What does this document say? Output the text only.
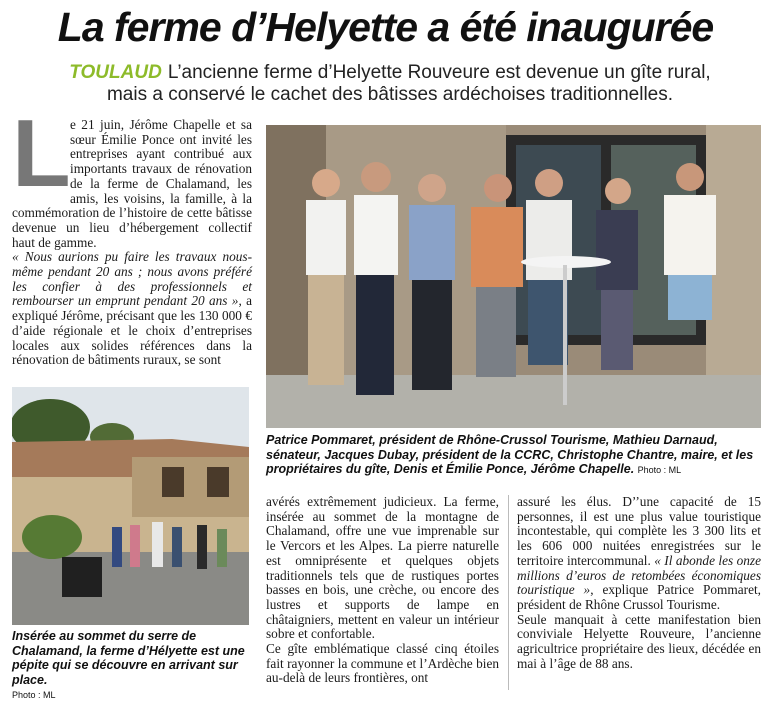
La ferme d’Helyette a été inaugurée
TOULAUD L’ancienne ferme d’Helyette Rouveure est devenue un gîte rural,
mais a conservé le cachet des bâtisses ardéchoises traditionnelles.
L e 21 juin, Jérôme Chapelle et sa sœur Émilie Ponce ont invité les entreprises ayant contribué aux importants travaux de rénovation de la ferme de Chalamand, les amis, les voisins, la famille, à la commémoration de l’histoire de cette bâtisse devenue un lieu d’hébergement collectif haut de gamme.
« Nous aurions pu faire les travaux nous-même pendant 20 ans ; nous avons préféré les confier à des professionnels et rembourser un emprunt pendant 20 ans », a expliqué Jérôme, précisant que les 130 000 € d’aide régionale et le choix d’entreprises locales aux solides références dans la rénovation de bâtiments ruraux, se sont
Insérée au sommet du serre de Chalamand, la ferme d’Hélyette est une pépite qui se découvre en arrivant sur place.
Photo : ML
Patrice Pommaret, président de Rhône-Crussol Tourisme, Mathieu Darnaud, sénateur, Jacques Dubay, président de la CCRC, Christophe Chantre, maire, et les propriétaires du gîte, Denis et Émilie Ponce, Jérôme Chapelle. Photo : ML
avérés extrêmement judicieux. La ferme, insérée au sommet de la montagne de Chalamand, offre une vue imprenable sur le Vercors et les Alpes. La pierre naturelle est omniprésente et quelques objets traditionnels tels que de rustiques portes basses en bois, une crèche, ou encore des lustres et supports de lampe en châtaigniers, mettent en valeur un intérieur sobre et confortable.
Ce gîte emblématique classé cinq étoiles fait rayonner la commune et l’Ardèche bien au-delà de leurs frontières, ont
assuré les élus. D’’une capacité de 15 personnes, il est une plus value touristique incontestable, qui complète les 3 300 lits et les 606 000 nuitées enregistrées sur le territoire intercommunal. « Il abonde les onze millions d’euros de retombées économiques touristique », explique Patrice Pommaret, président de Rhône Crussol Tourisme.
Seule manquait à cette manifestation bien conviviale Helyette Rouveure, l’ancienne agricultrice propriétaire des lieux, décédée en mai à l’âge de 88 ans.
